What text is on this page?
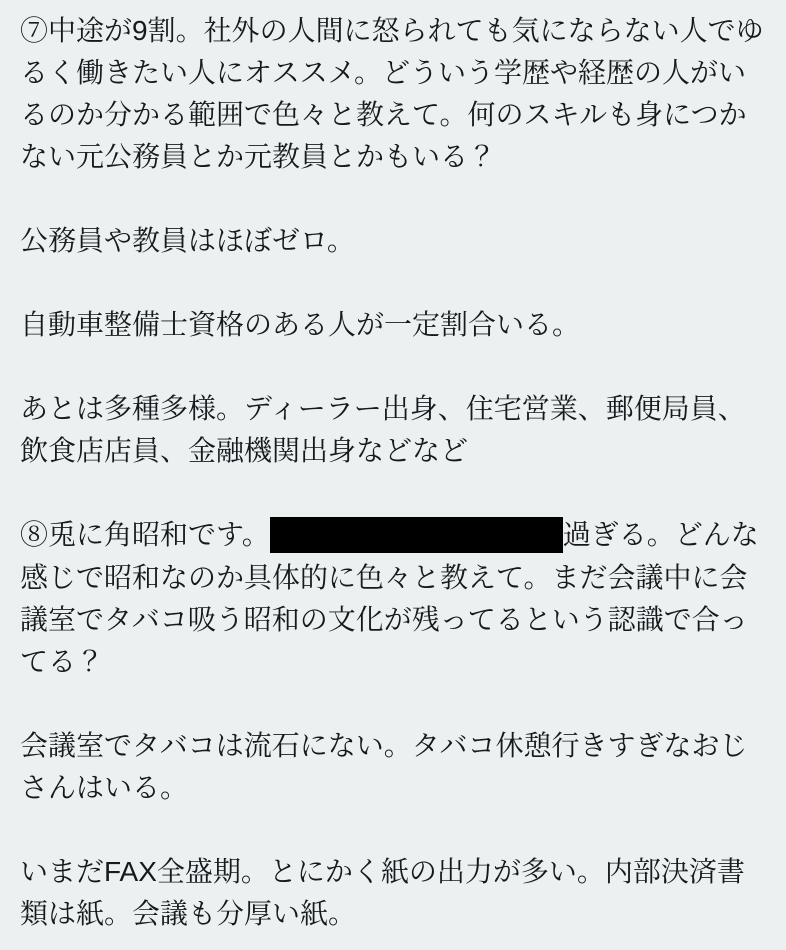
⑦中途が9割。社外の人間に怒られても気にならない人でゆるく働きたい人にオススメ。どういう学歴や経歴の人がいるのか分かる範囲で色々と教えて。何のスキルも身につかない元公務員とか元教員とかもいる？

公務員や教員はほぼゼロ。

自動車整備士資格のある人が一定割合いる。

あとは多種多様。ディーラー出身、住宅営業、郵便局員、飲食店店員、金融機関出身などなど

⑧兎に角昭和です。	過ぎる。どんな感じで昭和なのか具体的に色々と教えて。まだ会議中に会議室でタバコ吸う昭和の文化が残ってるという認識で合ってる？

会議室でタバコは流石にない。タバコ休憩行きすぎなおじさんはいる。

いまだFAX全盛期。とにかく紙の出力が多い。内部決済書類は紙。会議も分厚い紙。
